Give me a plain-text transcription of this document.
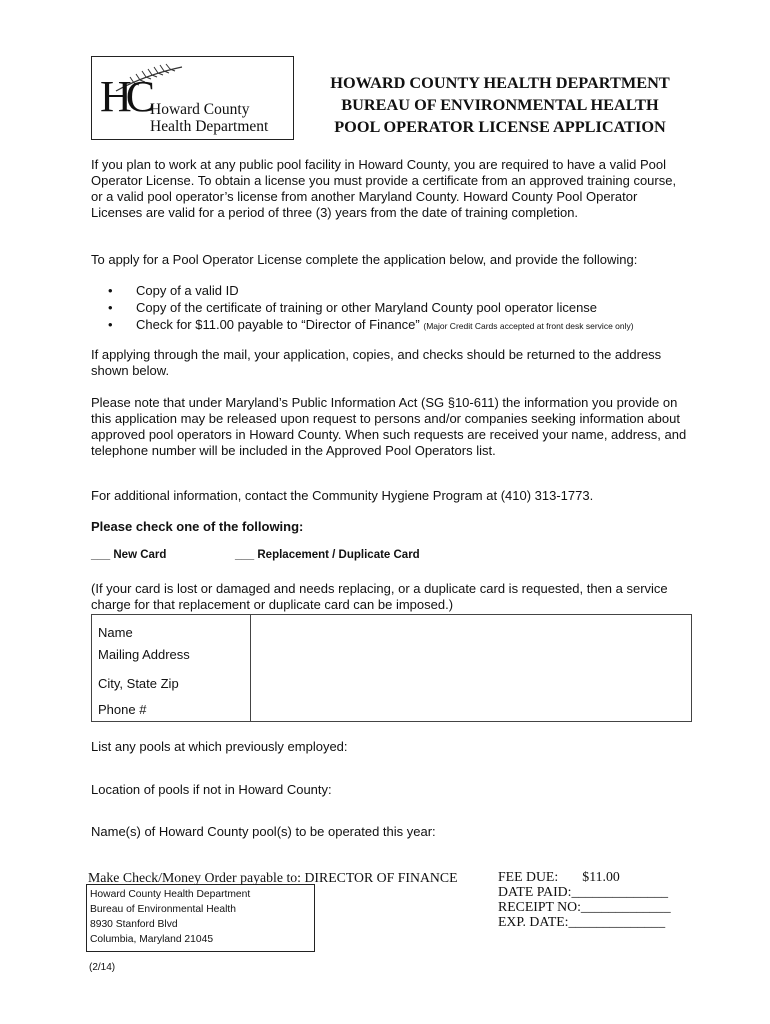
HC Howard County
Health Department
HOWARD COUNTY HEALTH DEPARTMENT
BUREAU OF ENVIRONMENTAL HEALTH
POOL OPERATOR LICENSE APPLICATION
If you plan to work at any public pool facility in Howard County, you are required to have a valid Pool Operator License. To obtain a license you must provide a certificate from an approved training course, or a valid pool operator’s license from another Maryland County. Howard County Pool Operator Licenses are valid for a period of three (3) years from the date of training completion.
To apply for a Pool Operator License complete the application below, and provide the following:
• Copy of a valid ID
• Copy of the certificate of training or other Maryland County pool operator license
• Check for $11.00 payable to “Director of Finance” (Major Credit Cards accepted at front desk service only)
If applying through the mail, your application, copies, and checks should be returned to the address shown below.
Please note that under Maryland’s Public Information Act (SG §10-611) the information you provide on this application may be released upon request to persons and/or companies seeking information about approved pool operators in Howard County. When such requests are received your name, address, and telephone number will be included in the Approved Pool Operators list.
For additional information, contact the Community Hygiene Program at (410) 313-1773.
Please check one of the following:
___ New Card	___ Replacement / Duplicate Card
(If your card is lost or damaged and needs replacing, or a duplicate card is requested, then a service charge for that replacement or duplicate card can be imposed.)
Name
Mailing Address
City, State Zip
Phone #
List any pools at which previously employed:
Location of pools if not in Howard County:
Name(s) of Howard County pool(s) to be operated this year:
Make Check/Money Order payable to: DIRECTOR OF FINANCE
Howard County Health Department
Bureau of Environmental Health
8930 Stanford Blvd
Columbia, Maryland 21045
FEE DUE:       $11.00
DATE PAID:______________
RECEIPT NO:_____________
EXP. DATE:______________
(2/14)
